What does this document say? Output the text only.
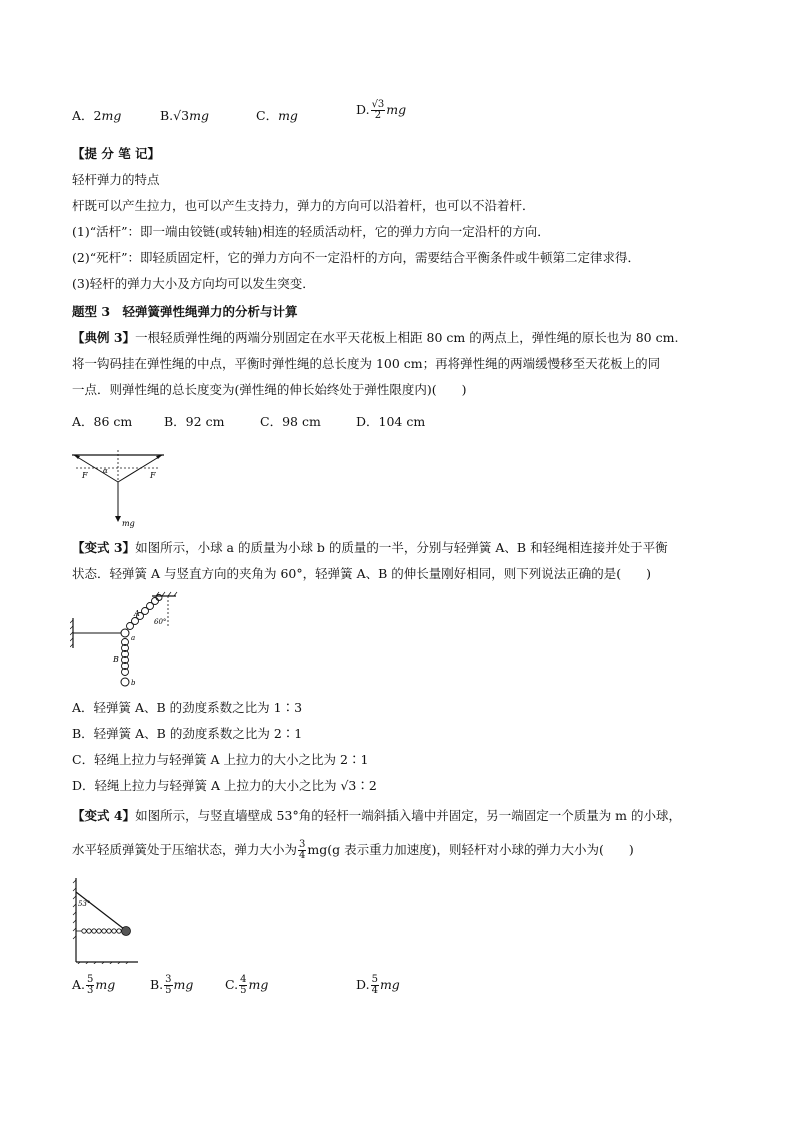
A．2mg	B.√3mg	C．mg	D. $\frac{√3}{2}$ mg
【提 分 笔 记】
轻杆弹力的特点
杆既可以产生拉力，也可以产生支持力，弹力的方向可以沿着杆，也可以不沿着杆．
(1)“活杆”：即一端由铰链(或转轴)相连的轻质活动杆，它的弹力方向一定沿杆的方向．
(2)“死杆”：即轻质固定杆，它的弹力方向不一定沿杆的方向，需要结合平衡条件或牛顿第二定律求得．
(3)轻杆的弹力大小及方向均可以发生突变．
题型 3　轻弹簧弹性绳弹力的分析与计算
【典例 3】一根轻质弹性绳的两端分别固定在水平天花板上相距 80 cm 的两点上，弹性绳的原长也为 80 cm.
将一钩码挂在弹性绳的中点，平衡时弹性绳的总长度为 100 cm；再将弹性绳的两端缓慢移至天花板上的同
一点．则弹性绳的总长度变为(弹性绳的伸长始终处于弹性限度内)(　　)
A．86 cm	B．92 cm	C．98 cm	D．104 cm
F	F
α
mg
【变式 3】如图所示，小球 a 的质量为小球 b 的质量的一半，分别与轻弹簧 A、B 和轻绳相连接并处于平衡
状态．轻弹簧 A 与竖直方向的夹角为 60°，轻弹簧 A、B 的伸长量刚好相同，则下列说法正确的是(　　)
A
60°
a
B
b
A．轻弹簧 A、B 的劲度系数之比为 1∶3
B．轻弹簧 A、B 的劲度系数之比为 2∶1
C．轻绳上拉力与轻弹簧 A 上拉力的大小之比为 2∶1
D．轻绳上拉力与轻弹簧 A 上拉力的大小之比为 √3∶2
【变式 4】如图所示，与竖直墙壁成 53°角的轻杆一端斜插入墙中并固定，另一端固定一个质量为 m 的小球，
水平轻质弹簧处于压缩状态，弹力大小为 $\frac{3}{4} mg(g$ 表示重力加速度)，则轻杆对小球的弹力大小为(　　)
53°
A. $\frac{5}{3}$ mg	B. $\frac{3}{5}$ mg	C. $\frac{4}{5}$ mg	D. $\frac{5}{4}$ mg
